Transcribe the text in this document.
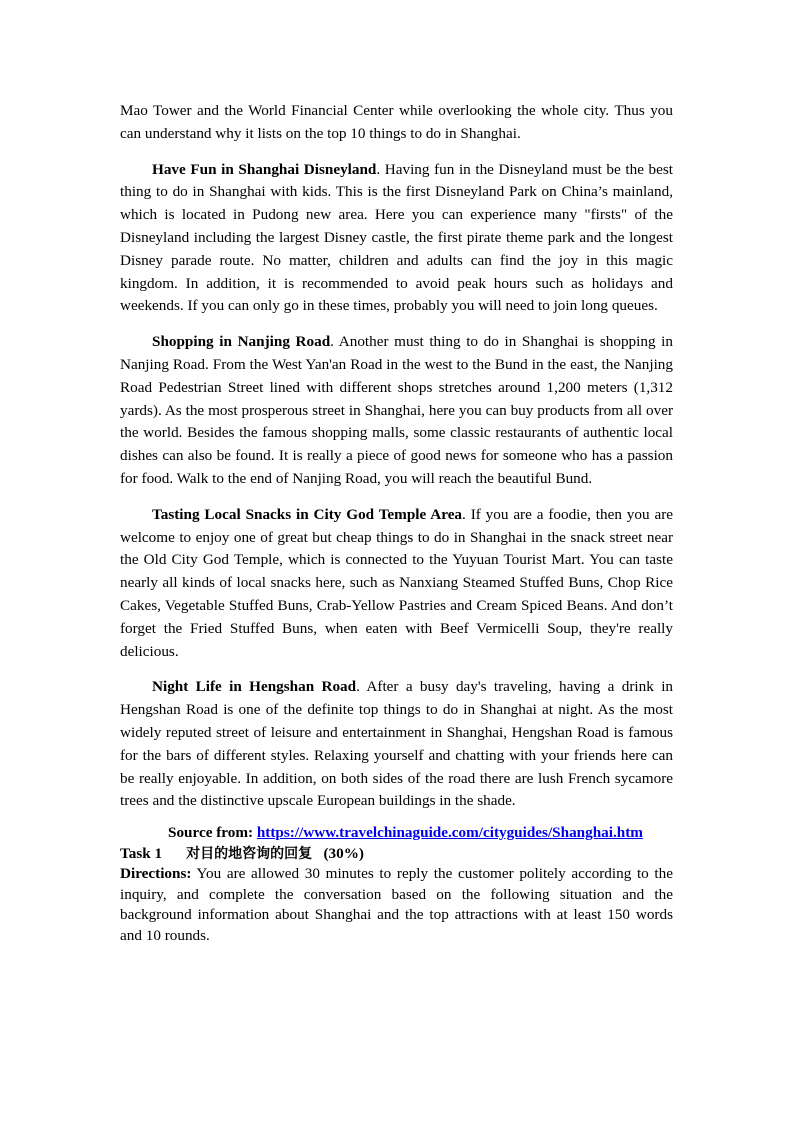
Mao Tower and the World Financial Center while overlooking the whole city. Thus you can understand why it lists on the top 10 things to do in Shanghai.

Have Fun in Shanghai Disneyland. Having fun in the Disneyland must be the best thing to do in Shanghai with kids. This is the first Disneyland Park on China’s mainland, which is located in Pudong new area. Here you can experience many "firsts" of the Disneyland including the largest Disney castle, the first pirate theme park and the longest Disney parade route. No matter, children and adults can find the joy in this magic kingdom. In addition, it is recommended to avoid peak hours such as holidays and weekends. If you can only go in these times, probably you will need to join long queues.

Shopping in Nanjing Road. Another must thing to do in Shanghai is shopping in Nanjing Road. From the West Yan'an Road in the west to the Bund in the east, the Nanjing Road Pedestrian Street lined with different shops stretches around 1,200 meters (1,312 yards). As the most prosperous street in Shanghai, here you can buy products from all over the world. Besides the famous shopping malls, some classic restaurants of authentic local dishes can also be found. It is really a piece of good news for someone who has a passion for food. Walk to the end of Nanjing Road, you will reach the beautiful Bund.

Tasting Local Snacks in City God Temple Area. If you are a foodie, then you are welcome to enjoy one of great but cheap things to do in Shanghai in the snack street near the Old City God Temple, which is connected to the Yuyuan Tourist Mart. You can taste nearly all kinds of local snacks here, such as Nanxiang Steamed Stuffed Buns, Chop Rice Cakes, Vegetable Stuffed Buns, Crab-Yellow Pastries and Cream Spiced Beans. And don’t forget the Fried Stuffed Buns, when eaten with Beef Vermicelli Soup, they're really delicious.

Night Life in Hengshan Road. After a busy day's traveling, having a drink in Hengshan Road is one of the definite top things to do in Shanghai at night. As the most widely reputed street of leisure and entertainment in Shanghai, Hengshan Road is famous for the bars of different styles. Relaxing yourself and chatting with your friends here can be really enjoyable. In addition, on both sides of the road there are lush French sycamore trees and the distinctive upscale European buildings in the shade.

Source from: https://www.travelchinaguide.com/cityguides/Shanghai.htm

Task 1 对目的地咨询的回复 (30%)

Directions: You are allowed 30 minutes to reply the customer politely according to the inquiry, and complete the conversation based on the following situation and the background information about Shanghai and the top attractions with at least 150 words and 10 rounds.
